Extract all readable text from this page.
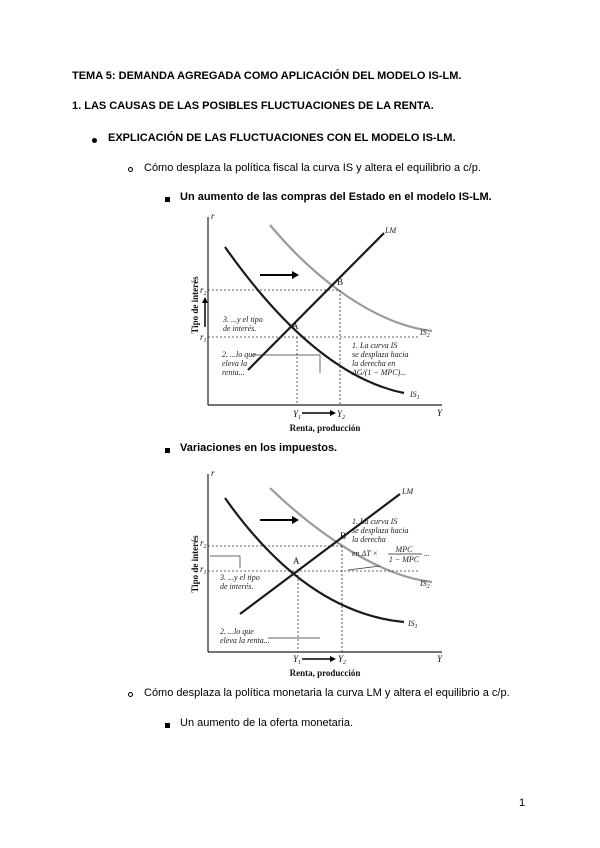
TEMA 5: DEMANDA AGREGADA COMO APLICACIÓN DEL MODELO IS-LM.
1. LAS CAUSAS DE LAS POSIBLES FLUCTUACIONES DE LA RENTA.
EXPLICACIÓN DE LAS FLUCTUACIONES CON EL MODELO IS-LM.
Cómo desplaza la política fiscal la curva IS y altera el equilibrio a c/p.
Un aumento de las compras del Estado en el modelo IS-LM.
r
Y
Tipo de interés
Renta, producción
A
B
$IS_2$
$IS_1$
LM
$r_2$
$r_1$
$Y_1$	$Y_2$
3. ...y el tipo de interés.
2. ...lo que eleva la renta...
1. La curva IS se desplaza hacia la derecha en ΔG/(1 − MPC)...
Variaciones en los impuestos.
r
Y
Tipo de interés
Renta, producción
A
B
$IS_2$
$IS_1$
LM
$r_2$
$r_1$
$Y_1$	$Y_2$
3. ...y el tipo de interés.
2. ...lo que eleva la renta...
1. La curva IS se desplaza hacia la derecha
en ΔT × MPC
1 − MPC
...
Cómo desplaza la política monetaria la curva LM y altera el equilibrio a c/p.
Un aumento de la oferta monetaria.
1
